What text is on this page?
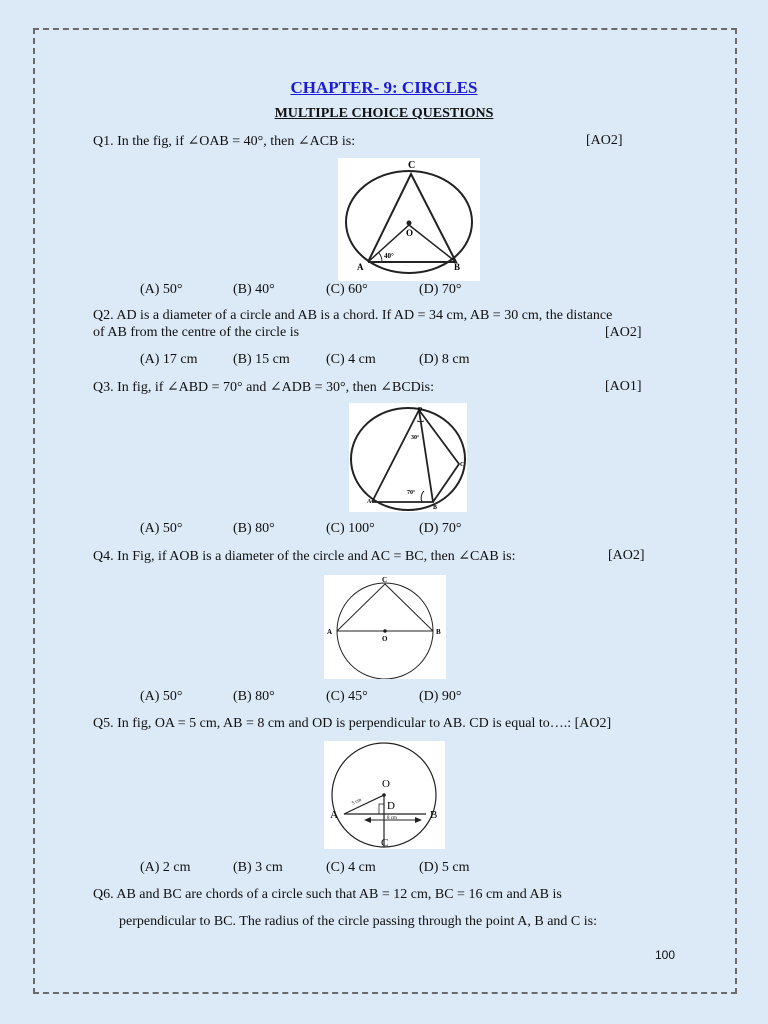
CHAPTER- 9: CIRCLES
MULTIPLE CHOICE QUESTIONS
Q1. In the fig, if ∠OAB = 40°, then ∠ACB is:	[AO2]
C
O
40°
A	B
(A) 50°	(B) 40°	(C) 60°	(D) 70°
Q2. AD is a diameter of a circle and AB is a chord. If AD = 34 cm, AB = 30 cm, the distance
of AB from the centre of the circle is	[AO2]
(A) 17 cm	(B) 15 cm	(C) 4 cm	(D) 8 cm
Q3. In fig, if ∠ABD = 70° and ∠ADB = 30°, then ∠BCDis:	[AO1]
D
30°
C
70°
A
B
(A) 50°	(B) 80°	(C) 100°	(D) 70°
Q4. In Fig, if AOB is a diameter of the circle and AC = BC, then ∠CAB is:	[AO2]
C
A
O
B
(A) 50°	(B) 80°	(C) 45°	(D) 90°
Q5. In fig, OA = 5 cm, AB = 8 cm and OD is perpendicular to AB. CD is equal to….: [AO2]
O
5 cm D
A	B
8 cm
C
(A) 2 cm	(B) 3 cm	(C) 4 cm	(D) 5 cm
Q6. AB and BC are chords of a circle such that AB = 12 cm, BC = 16 cm and AB is
perpendicular to BC. The radius of the circle passing through the point A, B and C is:
100
